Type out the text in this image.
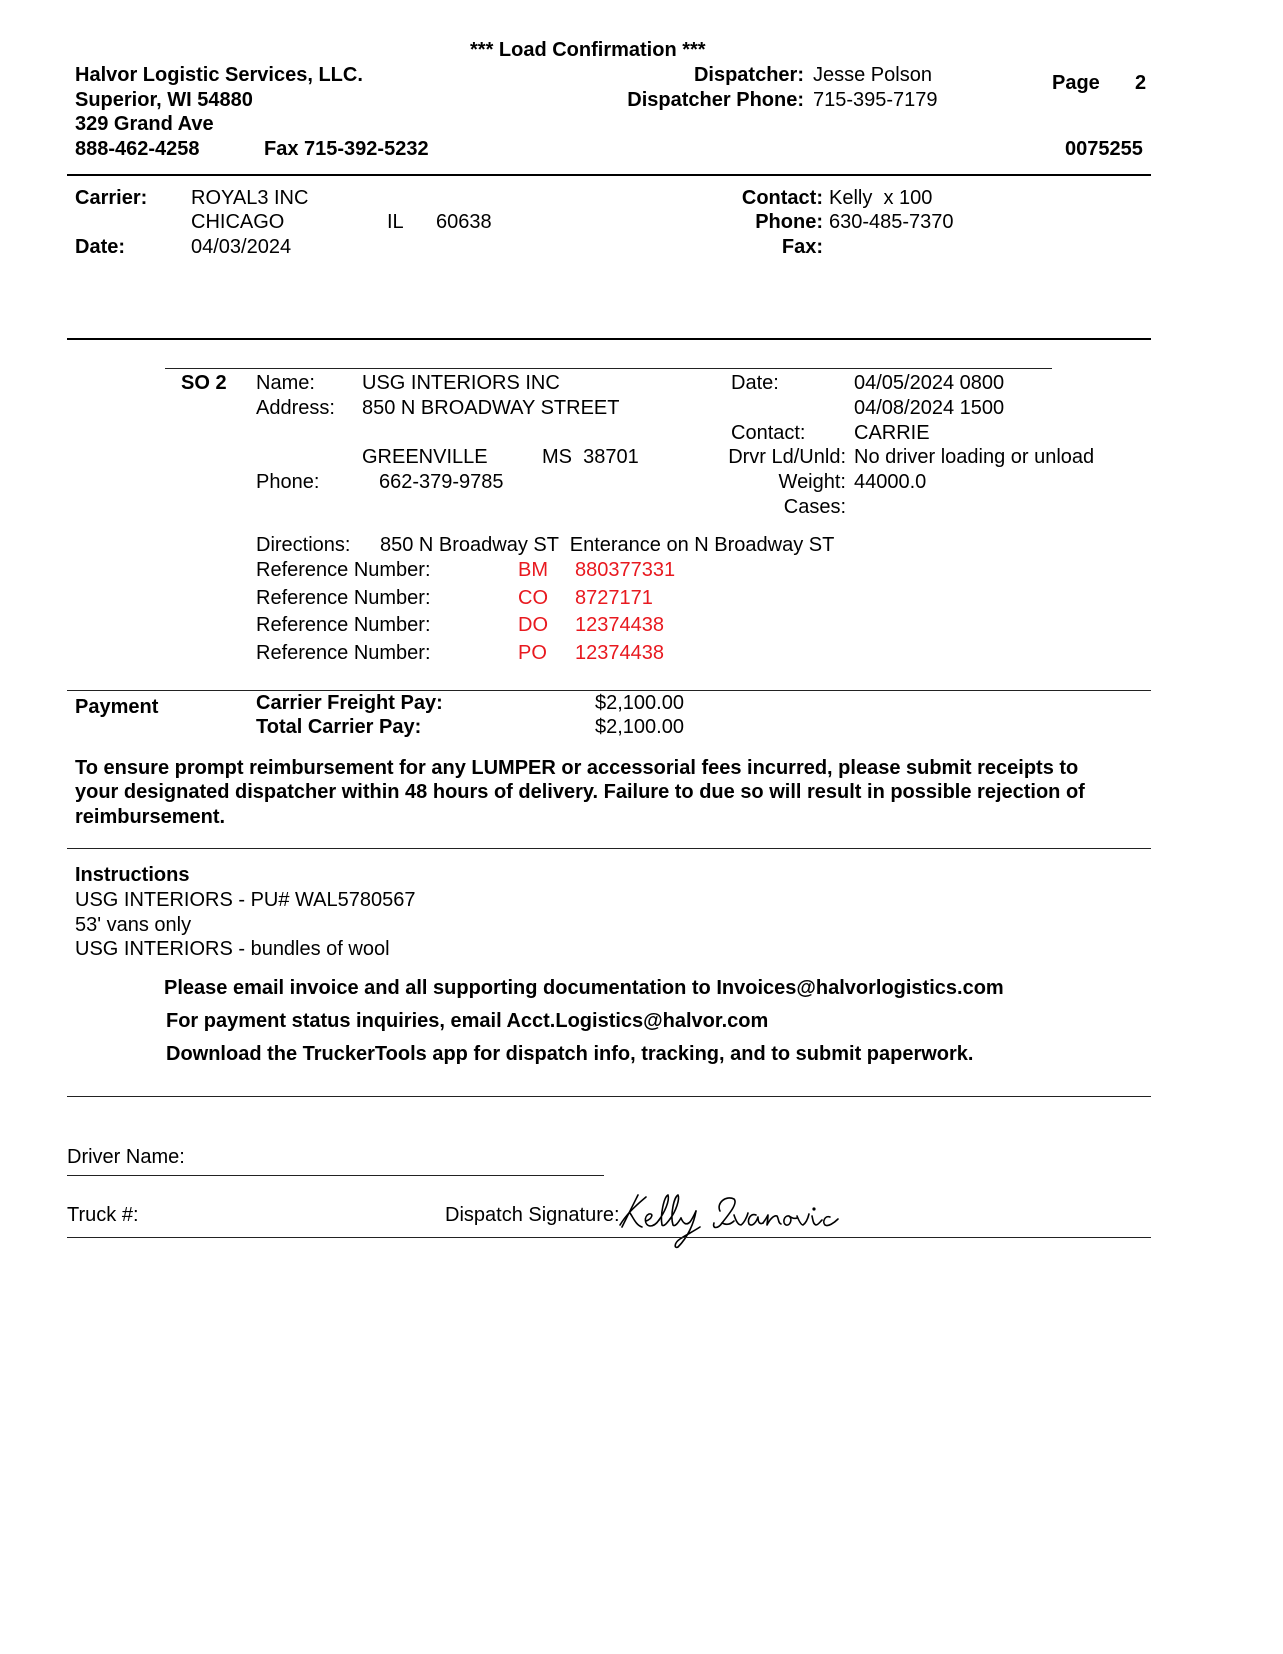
*** Load Confirmation ***
Halvor Logistic Services, LLC.
Superior, WI 54880
329 Grand Ave
888-462-4258	Fax 715-392-5232
Dispatcher: Jesse Polson
Dispatcher Phone: 715-395-7179
Page 2
0075255
Carrier: ROYAL3 INC
CHICAGO	IL 60638
Date:	04/03/2024
Contact: Kelly  x 100
Phone: 630-485-7370
Fax:
SO 2 Name: USG INTERIORS INC
Address: 850 N BROADWAY STREET
GREENVILLE	MS  38701
Phone:	662-379-9785
Date:	04/05/2024 0800
04/08/2024 1500
Contact: CARRIE
Drvr Ld/Unld: No driver loading or unload
Weight: 44000.0
Cases:
Directions: 850 N Broadway ST  Enterance on N Broadway ST
Reference Number:	BM 880377331
Reference Number:	CO 8727171
Reference Number:	DO 12374438
Reference Number:	PO 12374438
Payment	Carrier Freight Pay:	$2,100.00
Total Carrier Pay:	$2,100.00
To ensure prompt reimbursement for any LUMPER or accessorial fees incurred, please submit receipts to
your designated dispatcher within 48 hours of delivery. Failure to due so will result in possible rejection of
reimbursement.
Instructions
USG INTERIORS - PU# WAL5780567
53' vans only
USG INTERIORS - bundles of wool
Please email invoice and all supporting documentation to Invoices@halvorlogistics.com
For payment status inquiries, email Acct.Logistics@halvor.com
Download the TruckerTools app for dispatch info, tracking, and to submit paperwork.
Driver Name:
Truck #:	Dispatch Signature:
